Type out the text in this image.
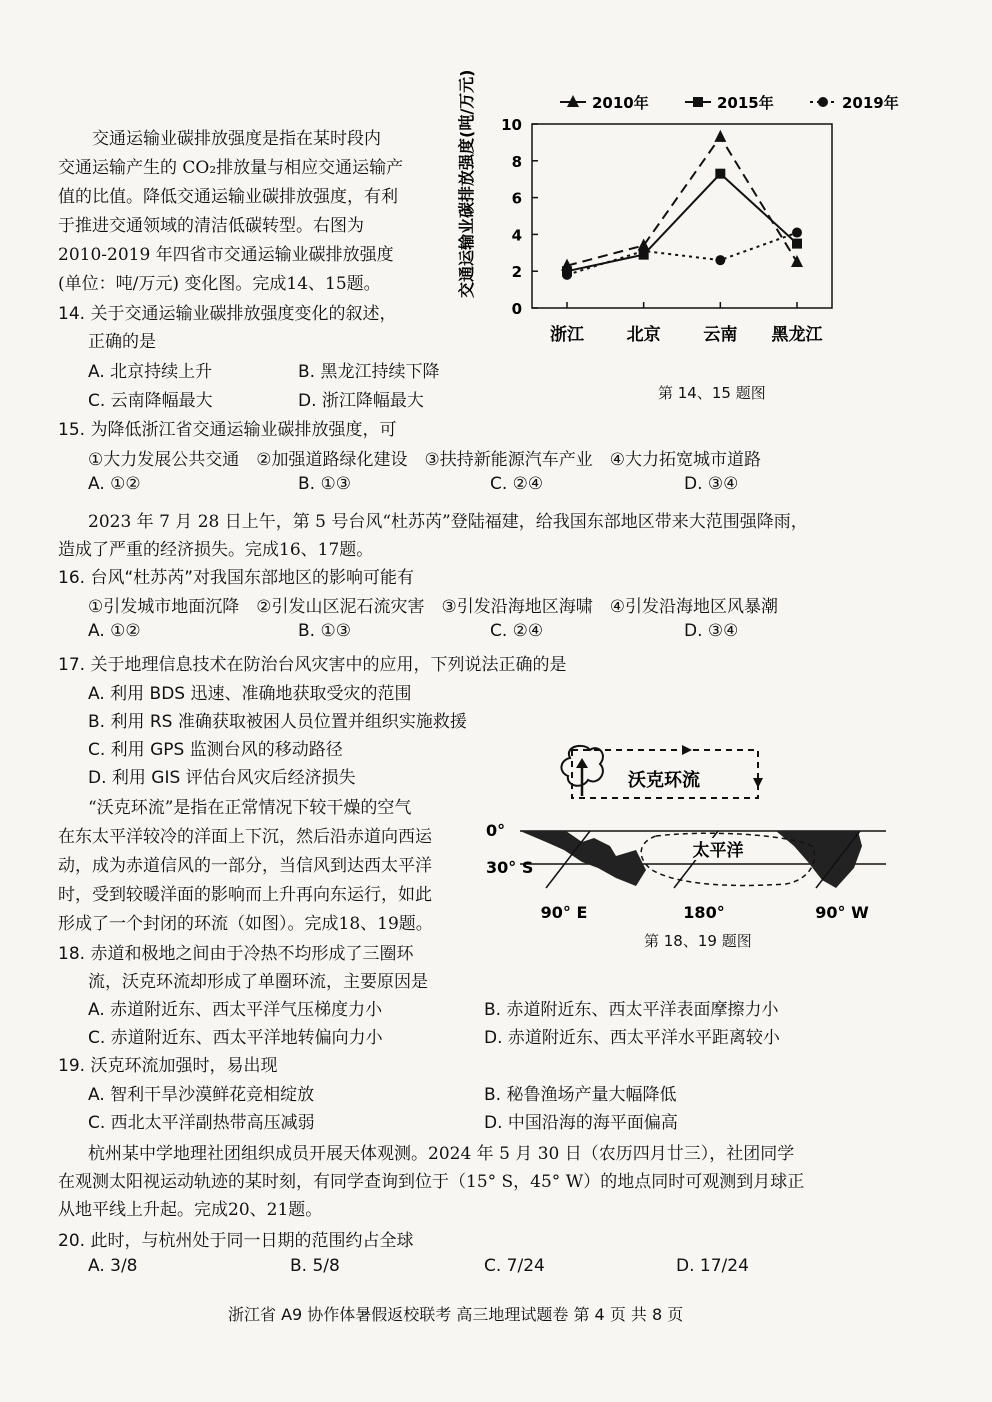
交通运输业碳排放强度是指在某时段内
交通运输产生的 CO₂排放量与相应交通运输产
值的比值。降低交通运输业碳排放强度，有利
于推进交通领域的清洁低碳转型。右图为
2010-2019 年四省市交通运输业碳排放强度
(单位：吨/万元) 变化图。完成14、15题。
2010年	2015年	2019年
交通运输业碳排放强度(吨/万元)
0
2
4
6
8
10
浙江	北京	云南 黑龙江
第 14、15 题图
14. 关于交通运输业碳排放强度变化的叙述，
正确的是
A. 北京持续上升	B. 黑龙江持续下降
C. 云南降幅最大	D. 浙江降幅最大
15. 为降低浙江省交通运输业碳排放强度，可
①大力发展公共交通　②加强道路绿化建设　③扶持新能源汽车产业　④大力拓宽城市道路
A. ①②	B. ①③	C. ②④	D. ③④
2023 年 7 月 28 日上午，第 5 号台风“杜苏芮”登陆福建，给我国东部地区带来大范围强降雨，
造成了严重的经济损失。完成16、17题。
16. 台风“杜苏芮”对我国东部地区的影响可能有
①引发城市地面沉降　②引发山区泥石流灾害　③引发沿海地区海啸　④引发沿海地区风暴潮
A. ①②	B. ①③	C. ②④	D. ③④
17. 关于地理信息技术在防治台风灾害中的应用，下列说法正确的是
A. 利用 BDS 迅速、准确地获取受灾的范围
B. 利用 RS 准确获取被困人员位置并组织实施救援
C. 利用 GPS 监测台风的移动路径
D. 利用 GIS 评估台风灾后经济损失
“沃克环流”是指在正常情况下较干燥的空气
在东太平洋较冷的洋面上下沉，然后沿赤道向西运
动，成为赤道信风的一部分，当信风到达西太平洋
时，受到较暖洋面的影响而上升再向东运行，如此
形成了一个封闭的环流（如图）。完成18、19题。
沃克环流
太平洋
0°
30° S
90° E	180°	90° W
第 18、19 题图
18. 赤道和极地之间由于冷热不均形成了三圈环
流，沃克环流却形成了单圈环流，主要原因是
A. 赤道附近东、西太平洋气压梯度力小	B. 赤道附近东、西太平洋表面摩擦力小
C. 赤道附近东、西太平洋地转偏向力小	D. 赤道附近东、西太平洋水平距离较小
19. 沃克环流加强时，易出现
A. 智利干旱沙漠鲜花竞相绽放	B. 秘鲁渔场产量大幅降低
C. 西北太平洋副热带高压减弱	D. 中国沿海的海平面偏高
杭州某中学地理社团组织成员开展天体观测。2024 年 5 月 30 日（农历四月廿三），社团同学
在观测太阳视运动轨迹的某时刻，有同学查询到位于（15° S，45° W）的地点同时可观测到月球正
从地平线上升起。完成20、21题。
20. 此时，与杭州处于同一日期的范围约占全球
A. 3/8	B. 5/8	C. 7/24	D. 17/24
浙江省 A9 协作体暑假返校联考 高三地理试题卷 第 4 页 共 8 页
